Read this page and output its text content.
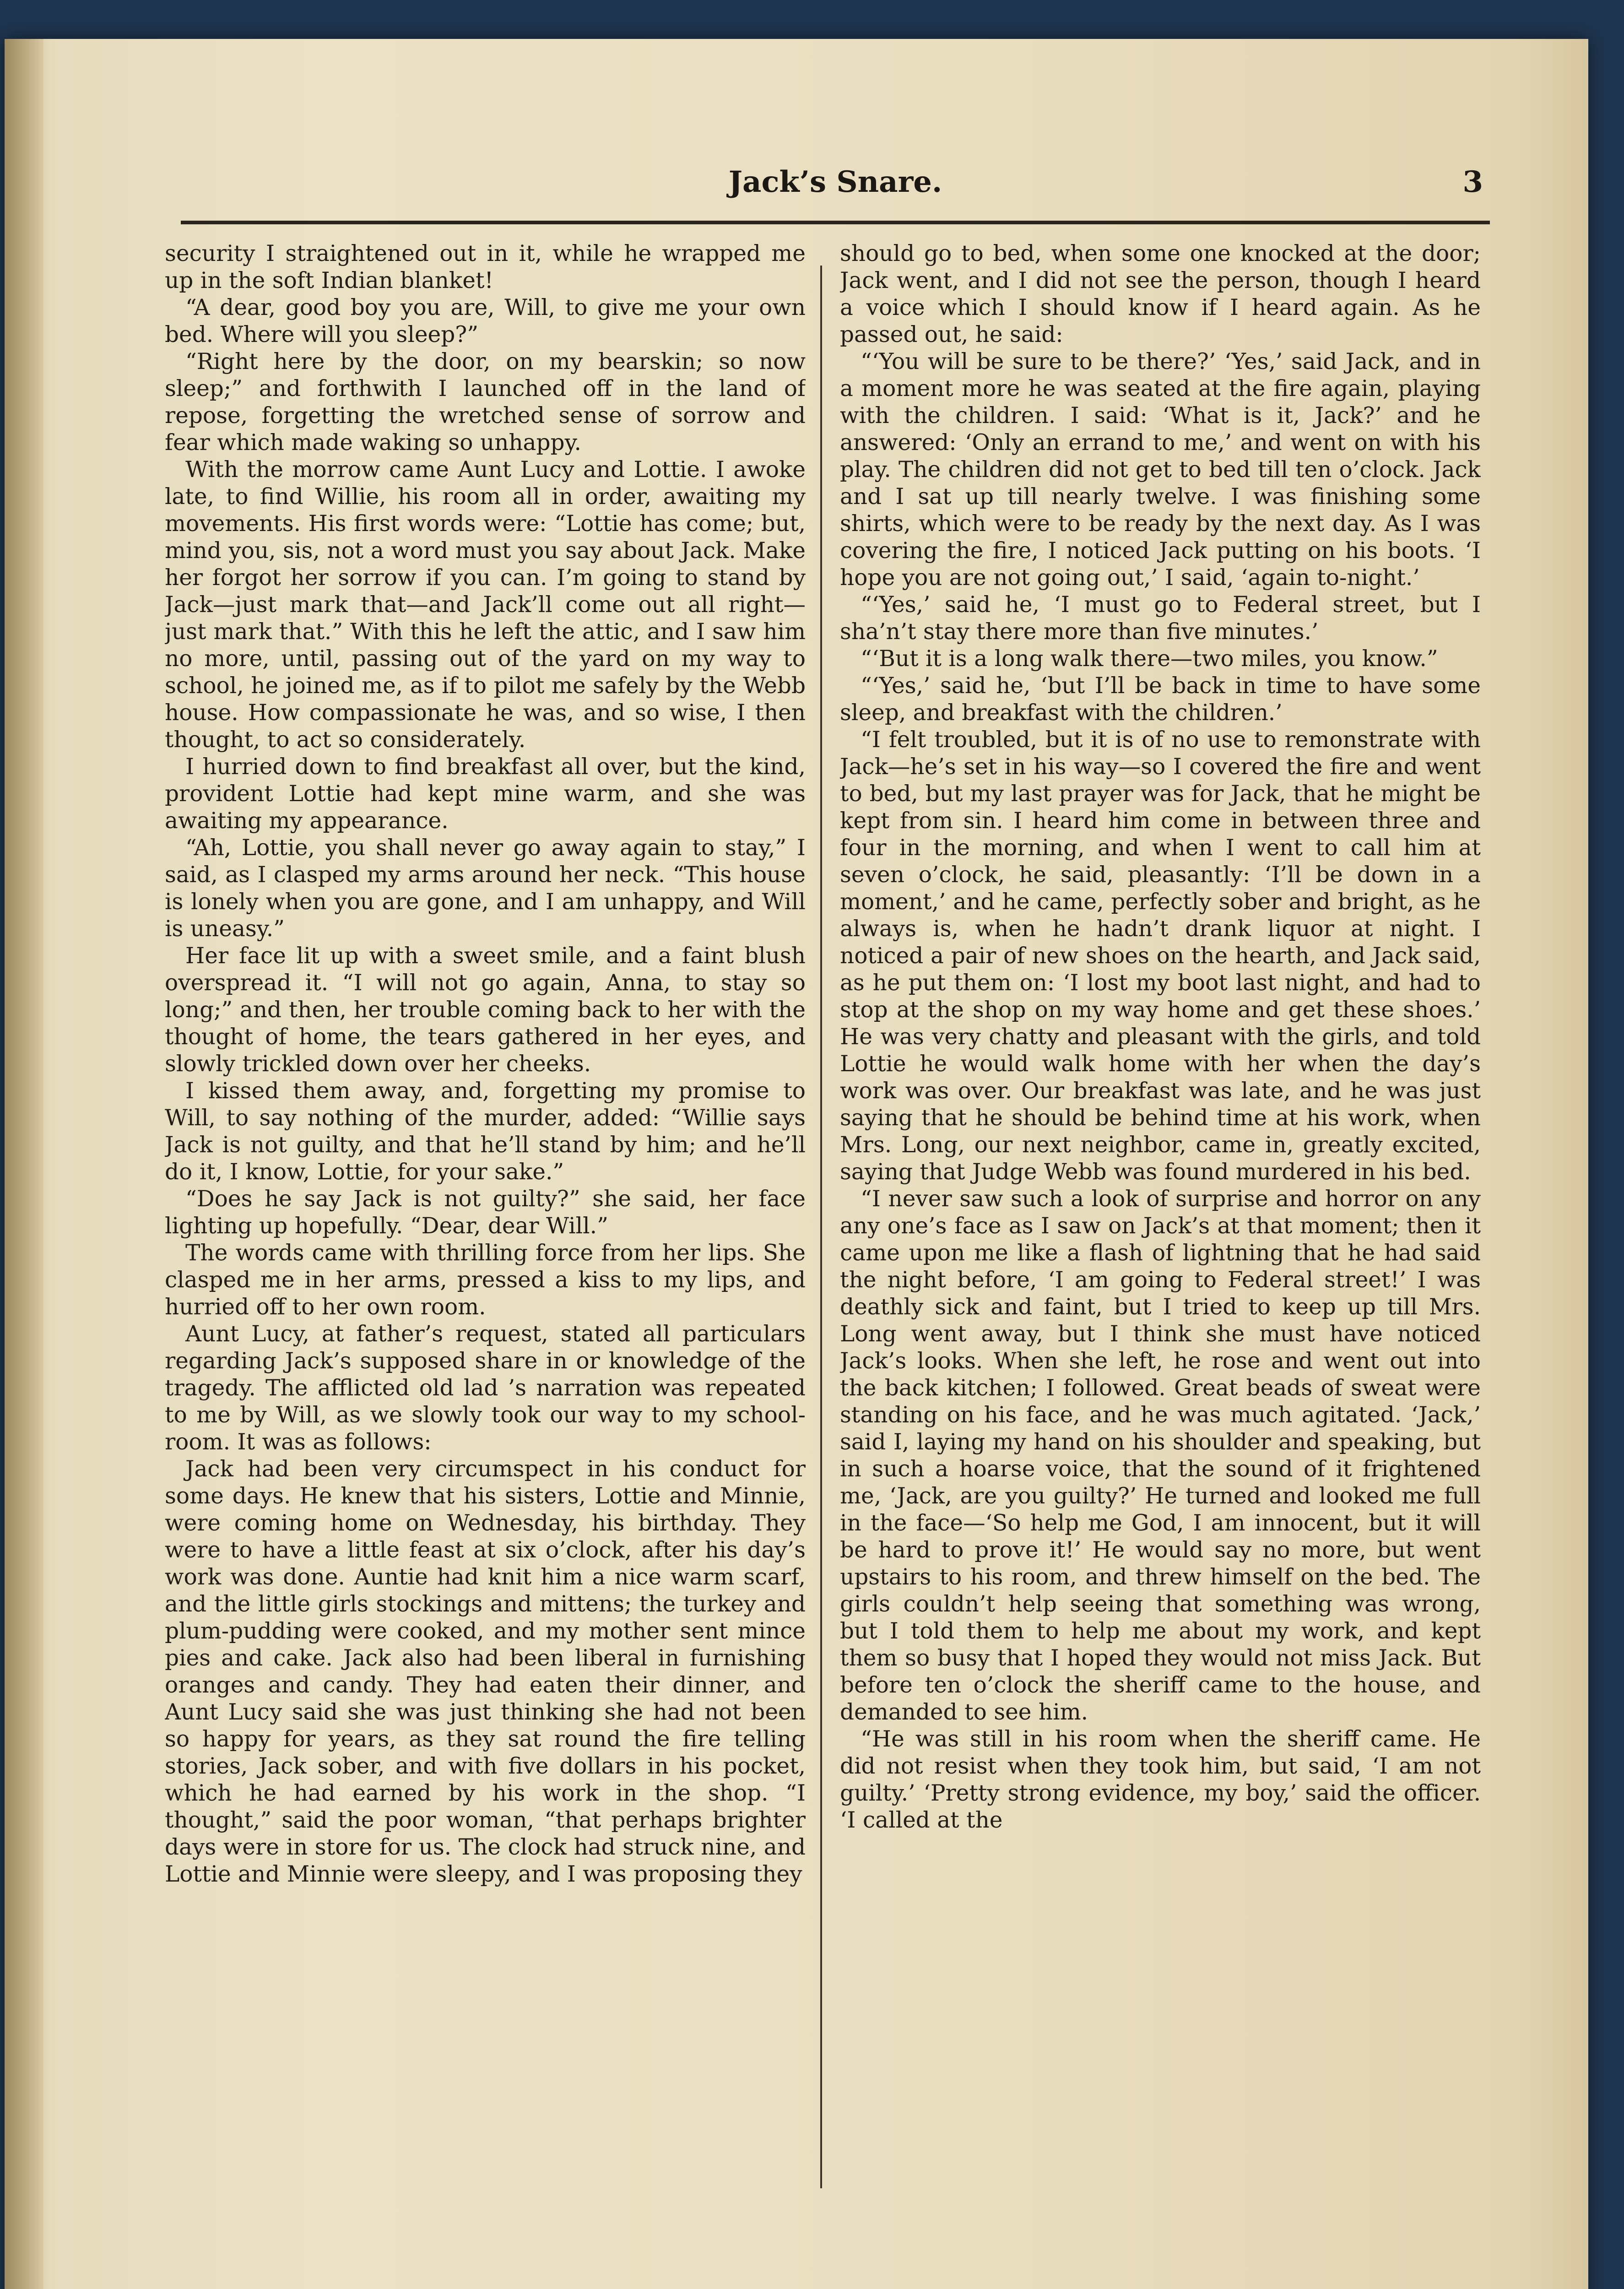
Jack’s Snare.	3

security I straightened out in it, while he wrapped me up in the soft Indian blanket!

“A dear, good boy you are, Will, to give me your own bed. Where will you sleep?”

“Right here by the door, on my bearskin; so now sleep;” and forthwith I launched off in the land of repose, forgetting the wretched sense of sorrow and fear which made waking so unhappy.

With the morrow came Aunt Lucy and Lottie. I awoke late, to find Willie, his room all in order, awaiting my movements. His first words were: “Lottie has come; but, mind you, sis, not a word must you say about Jack. Make her forgot her sorrow if you can. I’m going to stand by Jack—just mark that—and Jack’ll come out all right—just mark that.” With this he left the attic, and I saw him no more, until, passing out of the yard on my way to school, he joined me, as if to pilot me safely by the Webb house. How compassionate he was, and so wise, I then thought, to act so considerately.

I hurried down to find breakfast all over, but the kind, provident Lottie had kept mine warm, and she was awaiting my appearance.

“Ah, Lottie, you shall never go away again to stay,” I said, as I clasped my arms around her neck. “This house is lonely when you are gone, and I am unhappy, and Will is uneasy.”

Her face lit up with a sweet smile, and a faint blush overspread it. “I will not go again, Anna, to stay so long;” and then, her trouble coming back to her with the thought of home, the tears gathered in her eyes, and slowly trickled down over her cheeks.

I kissed them away, and, forgetting my promise to Will, to say nothing of the murder, added: “Willie says Jack is not guilty, and that he’ll stand by him; and he’ll do it, I know, Lottie, for your sake.”

“Does he say Jack is not guilty?” she said, her face lighting up hopefully. “Dear, dear Will.”

The words came with thrilling force from her lips. She clasped me in her arms, pressed a kiss to my lips, and hurried off to her own room.

Aunt Lucy, at father’s request, stated all particulars regarding Jack’s supposed share in or knowledge of the tragedy. The afflicted old lad ’s narration was repeated to me by Will, as we slowly took our way to my school-room. It was as follows:

Jack had been very circumspect in his conduct for some days. He knew that his sisters, Lottie and Minnie, were coming home on Wednesday, his birthday. They were to have a little feast at six o’clock, after his day’s work was done. Auntie had knit him a nice warm scarf, and the little girls stockings and mittens; the turkey and plum-pudding were cooked, and my mother sent mince pies and cake. Jack also had been liberal in furnishing oranges and candy. They had eaten their dinner, and Aunt Lucy said she was just thinking she had not been so happy for years, as they sat round the fire telling stories, Jack sober, and with five dollars in his pocket, which he had earned by his work in the shop. “I thought,” said the poor woman, “that perhaps brighter days were in store for us. The clock had struck nine, and Lottie and Minnie were sleepy, and I was proposing they

should go to bed, when some one knocked at the door; Jack went, and I did not see the person, though I heard a voice which I should know if I heard again. As he passed out, he said:

“‘You will be sure to be there?’ ‘Yes,’ said Jack, and in a moment more he was seated at the fire again, playing with the children. I said: ‘What is it, Jack?’ and he answered: ‘Only an errand to me,’ and went on with his play. The children did not get to bed till ten o’clock. Jack and I sat up till nearly twelve. I was finishing some shirts, which were to be ready by the next day. As I was covering the fire, I noticed Jack putting on his boots. ‘I hope you are not going out,’ I said, ‘again to-night.’

“‘Yes,’ said he, ‘I must go to Federal street, but I sha’n’t stay there more than five minutes.’

“‘But it is a long walk there—two miles, you know.”

“‘Yes,’ said he, ‘but I’ll be back in time to have some sleep, and breakfast with the children.’

“I felt troubled, but it is of no use to remonstrate with Jack—he’s set in his way—so I covered the fire and went to bed, but my last prayer was for Jack, that he might be kept from sin. I heard him come in between three and four in the morning, and when I went to call him at seven o’clock, he said, pleasantly: ‘I’ll be down in a moment,’ and he came, perfectly sober and bright, as he always is, when he hadn’t drank liquor at night. I noticed a pair of new shoes on the hearth, and Jack said, as he put them on: ‘I lost my boot last night, and had to stop at the shop on my way home and get these shoes.’ He was very chatty and pleasant with the girls, and told Lottie he would walk home with her when the day’s work was over. Our breakfast was late, and he was just saying that he should be behind time at his work, when Mrs. Long, our next neighbor, came in, greatly excited, saying that Judge Webb was found murdered in his bed.

“I never saw such a look of surprise and horror on any any one’s face as I saw on Jack’s at that moment; then it came upon me like a flash of lightning that he had said the night before, ‘I am going to Federal street!’ I was deathly sick and faint, but I tried to keep up till Mrs. Long went away, but I think she must have noticed Jack’s looks. When she left, he rose and went out into the back kitchen; I followed. Great beads of sweat were standing on his face, and he was much agitated. ‘Jack,’ said I, laying my hand on his shoulder and speaking, but in such a hoarse voice, that the sound of it frightened me, ‘Jack, are you guilty?’ He turned and looked me full in the face—‘So help me God, I am innocent, but it will be hard to prove it!’ He would say no more, but went upstairs to his room, and threw himself on the bed. The girls couldn’t help seeing that something was wrong, but I told them to help me about my work, and kept them so busy that I hoped they would not miss Jack. But before ten o’clock the sheriff came to the house, and demanded to see him.

“He was still in his room when the sheriff came. He did not resist when they took him, but said, ‘I am not guilty.’ ‘Pretty strong evidence, my boy,’ said the officer. ‘I called at the
